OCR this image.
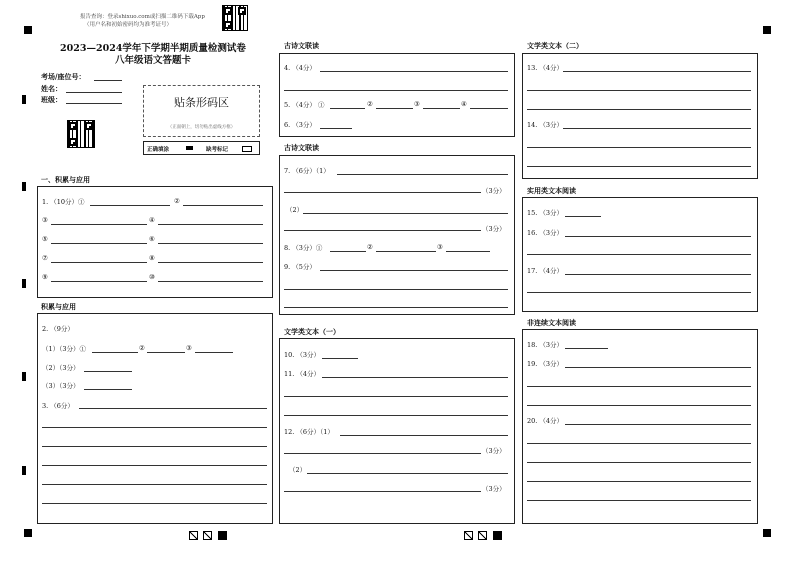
报告查询：登录shixuo.com或扫描二维码下载App
（用户名和初始密码均为准考证号）
2023—2024学年下学期半期质量检测试卷
八年级语文答题卡
考场/座位号：
姓名：
班级：	贴条形码区
（正面朝上，切勿贴出虚线方框）
正确填涂	缺考标记
一、积累与应用
1. （10分）①	②
③	④
⑤	⑥
⑦	⑧
⑨	⑩
积累与应用
2. （9分）
（1）（3分）①	②	③
（2）（3分）
（3）（3分）
3. （6分）
古诗文联读
4. （4分）
5. （4分） ①	②	③	④
6. （3分）
古诗文联读
7. （6分）（1）
（3分）
（2）
（3分）
8. （3分）①	②	③
9. （5分）
文学类文本（一）
10. （3分）
11. （4分）
12. （6分）（1）
（3分）
（2）
（3分）
文学类文本（二）
13. （4分）
14. （3分）
实用类文本阅读
15. （3分）
16. （3分）
17. （4分）
非连续文本阅读
18. （3分）
19. （3分）
20. （4分）
